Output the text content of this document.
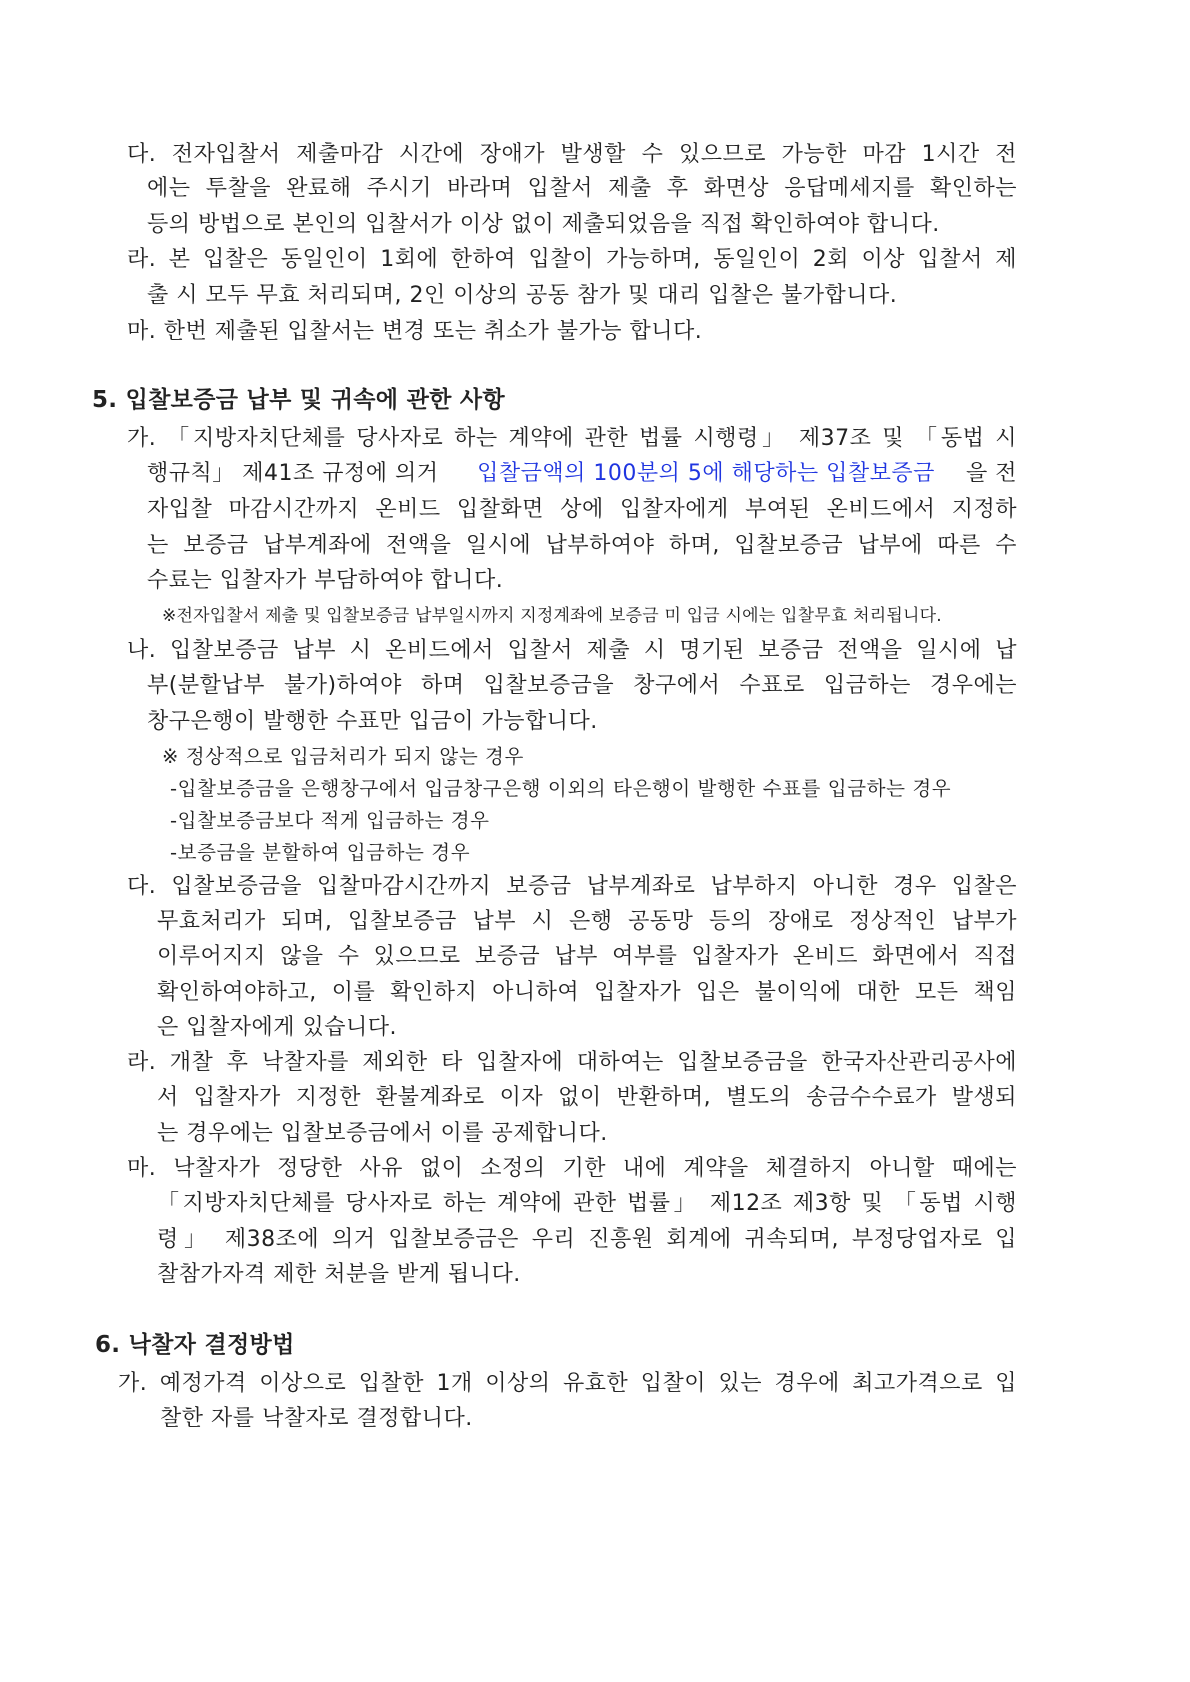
다. 전자입찰서 제출마감 시간에 장애가 발생할 수 있으므로 가능한 마감 1시간 전
에는 투찰을 완료해 주시기 바라며 입찰서 제출 후 화면상 응답메세지를 확인하는
등의 방법으로 본인의 입찰서가 이상 없이 제출되었음을 직접 확인하여야 합니다.
라. 본 입찰은 동일인이 1회에 한하여 입찰이 가능하며, 동일인이 2회 이상 입찰서 제
출 시 모두 무효 처리되며, 2인 이상의 공동 참가 및 대리 입찰은 불가합니다.
마. 한번 제출된 입찰서는 변경 또는 취소가 불가능 합니다.
5. 입찰보증금 납부 및 귀속에 관한 사항
가. 「지방자치단체를 당사자로 하는 계약에 관한 법률 시행령」 제37조 및 「동법 시
행규칙」 제41조 규정에 의거 입찰금액의 100분의 5에 해당하는 입찰보증금 을 전
자입찰 마감시간까지 온비드 입찰화면 상에 입찰자에게 부여된 온비드에서 지정하
는 보증금 납부계좌에 전액을 일시에 납부하여야 하며, 입찰보증금 납부에 따른 수
수료는 입찰자가 부담하여야 합니다.
※전자입찰서 제출 및 입찰보증금 납부일시까지 지정계좌에 보증금 미 입금 시에는 입찰무효 처리됩니다.
나. 입찰보증금 납부 시 온비드에서 입찰서 제출 시 명기된 보증금 전액을 일시에 납
부(분할납부 불가)하여야 하며 입찰보증금을 창구에서 수표로 입금하는 경우에는
창구은행이 발행한 수표만 입금이 가능합니다.
※ 정상적으로 입금처리가 되지 않는 경우
-입찰보증금을 은행창구에서 입금창구은행 이외의 타은행이 발행한 수표를 입금하는 경우
-입찰보증금보다 적게 입금하는 경우
-보증금을 분할하여 입금하는 경우
다. 입찰보증금을 입찰마감시간까지 보증금 납부계좌로 납부하지 아니한 경우 입찰은
무효처리가 되며, 입찰보증금 납부 시 은행 공동망 등의 장애로 정상적인 납부가
이루어지지 않을 수 있으므로 보증금 납부 여부를 입찰자가 온비드 화면에서 직접
확인하여야하고, 이를 확인하지 아니하여 입찰자가 입은 불이익에 대한 모든 책임
은 입찰자에게 있습니다.
라. 개찰 후 낙찰자를 제외한 타 입찰자에 대하여는 입찰보증금을 한국자산관리공사에
서 입찰자가 지정한 환불계좌로 이자 없이 반환하며, 별도의 송금수수료가 발생되
는 경우에는 입찰보증금에서 이를 공제합니다.
마. 낙찰자가 정당한 사유 없이 소정의 기한 내에 계약을 체결하지 아니할 때에는
「지방자치단체를 당사자로 하는 계약에 관한 법률」 제12조 제3항 및 「동법 시행
령」 제38조에 의거 입찰보증금은 우리 진흥원 회계에 귀속되며, 부정당업자로 입
찰참가자격 제한 처분을 받게 됩니다.
6. 낙찰자 결정방법
가. 예정가격 이상으로 입찰한 1개 이상의 유효한 입찰이 있는 경우에 최고가격으로 입
찰한 자를 낙찰자로 결정합니다.
